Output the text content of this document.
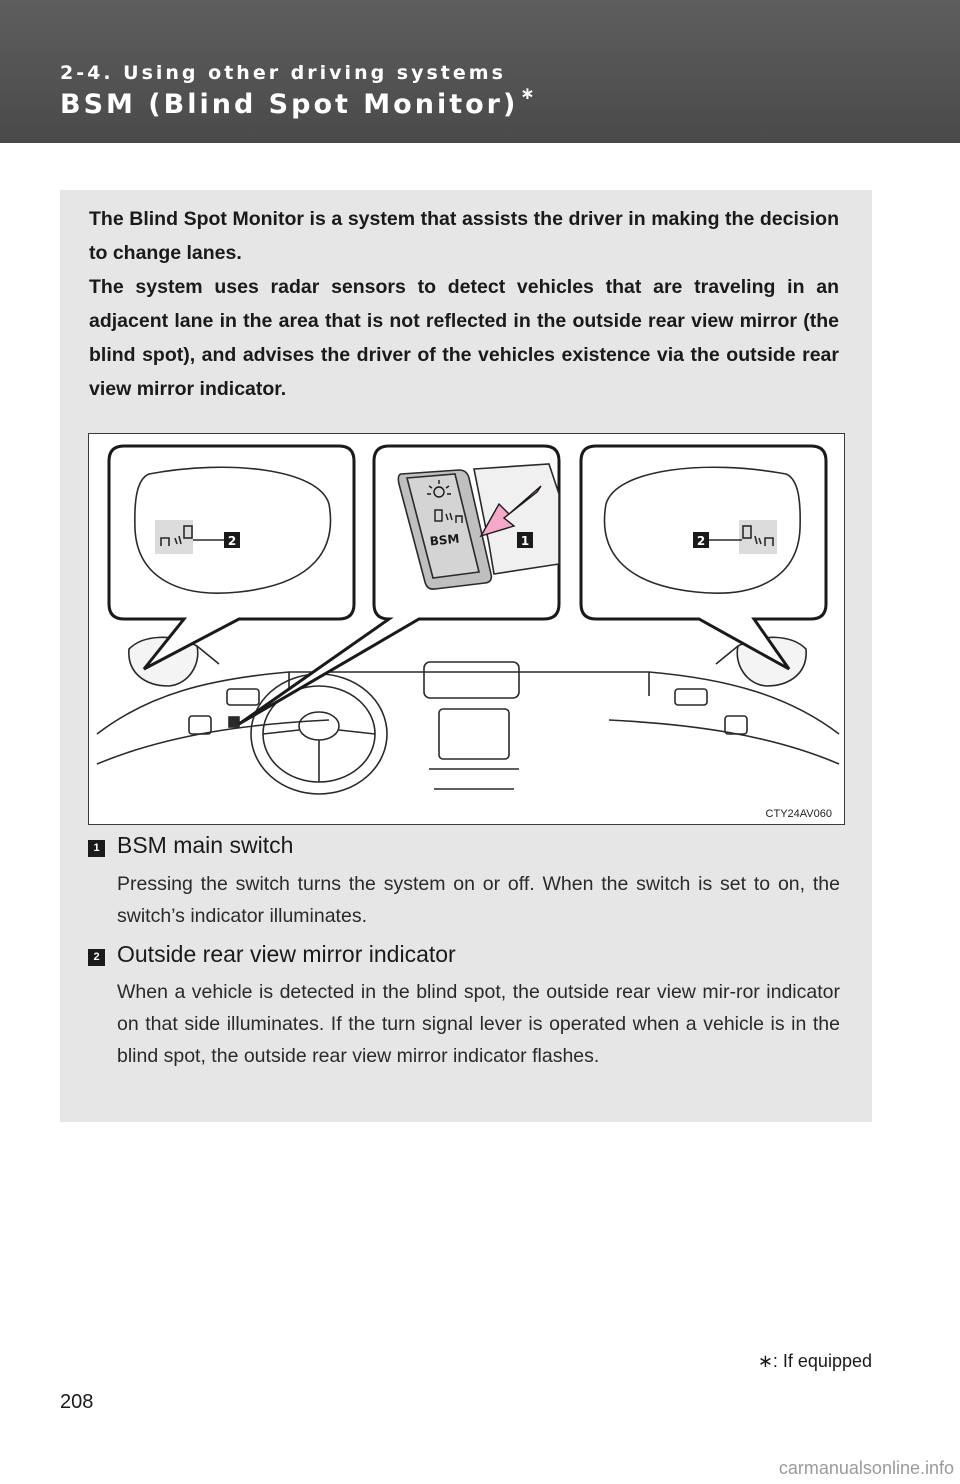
2-4. Using other driving systems
BSM (Blind Spot Monitor) ∗

The Blind Spot Monitor is a system that assists the driver in making the decision to change lanes.

The system uses radar sensors to detect vehicles that are traveling in an adjacent lane in the area that is not reflected in the outside rear view mirror (the blind spot), and advises the driver of the vehicles existence via the outside rear view mirror indicator.

2	2
BSM	1
CTY24AV060
1 BSM main switch
Pressing the switch turns the system on or off. When the switch is set to on, the switch’s indicator illuminates.
2 Outside rear view mirror indicator
When a vehicle is detected in the blind spot, the outside rear view mir-ror indicator on that side illuminates. If the turn signal lever is operated when a vehicle is in the blind spot, the outside rear view mirror indicator flashes.
∗: If equipped
208
carmanualsonline.info
